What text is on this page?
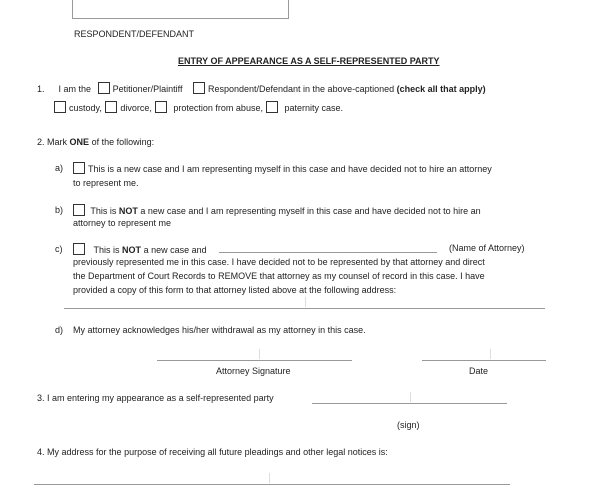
RESPONDENT/DEFENDANT
ENTRY OF APPEARANCE AS A SELF-REPRESENTED PARTY
1. I am the Petitioner/Plaintiff	Respondent/Defendant in the above-captioned (check all that apply)
custody, divorce, protection from abuse, paternity case.
2. Mark ONE of the following:
a)	This is a new case and I am representing myself in this case and have decided not to hire an attorney
to represent me.
b)	This is NOT a new case and I am representing myself in this case and have decided not to hire an
attorney to represent me
c)	This is NOT a new case and	(Name of Attorney)
previously represented me in this case. I have decided not to be represented by that attorney and direct
the Department of Court Records to REMOVE that attorney as my counsel of record in this case. I have
provided a copy of this form to that attorney listed above at the following address:
d) My attorney acknowledges his/her withdrawal as my attorney in this case.
Attorney Signature	Date
3. I am entering my appearance as a self-represented party
(sign)
4. My address for the purpose of receiving all future pleadings and other legal notices is:
